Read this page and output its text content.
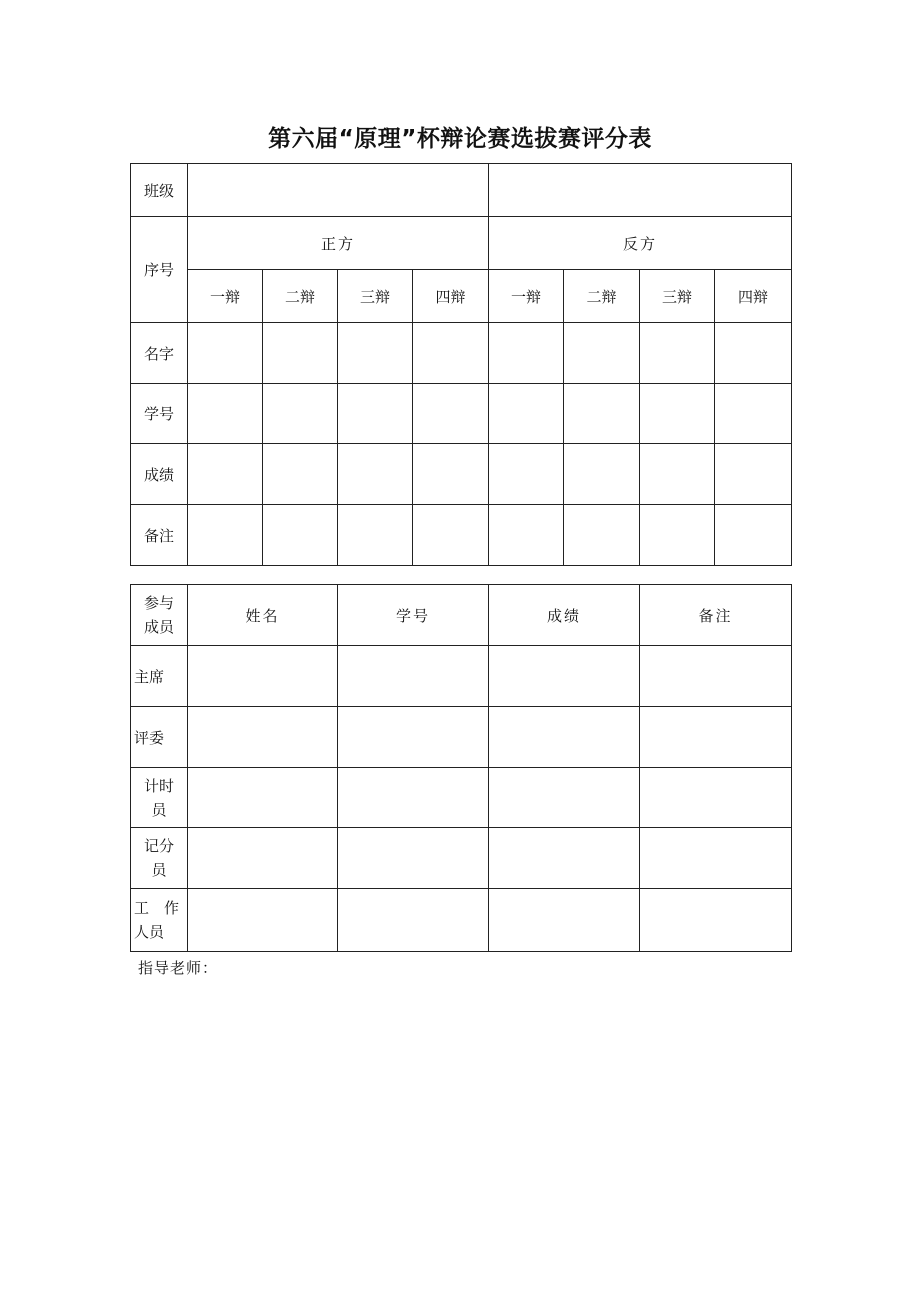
第六届“原理”杯辩论赛选拔赛评分表
班级								
序号	正方				反方			
	一辩	二辩	三辩	四辩	一辩	二辩	三辩	四辩
名字								
学号								
成绩								
备注								
参与
成员	姓名	学号	成绩	备注
主席				
评委				
计时
员				
记分
员				
工　作
人员				
指导老师：
